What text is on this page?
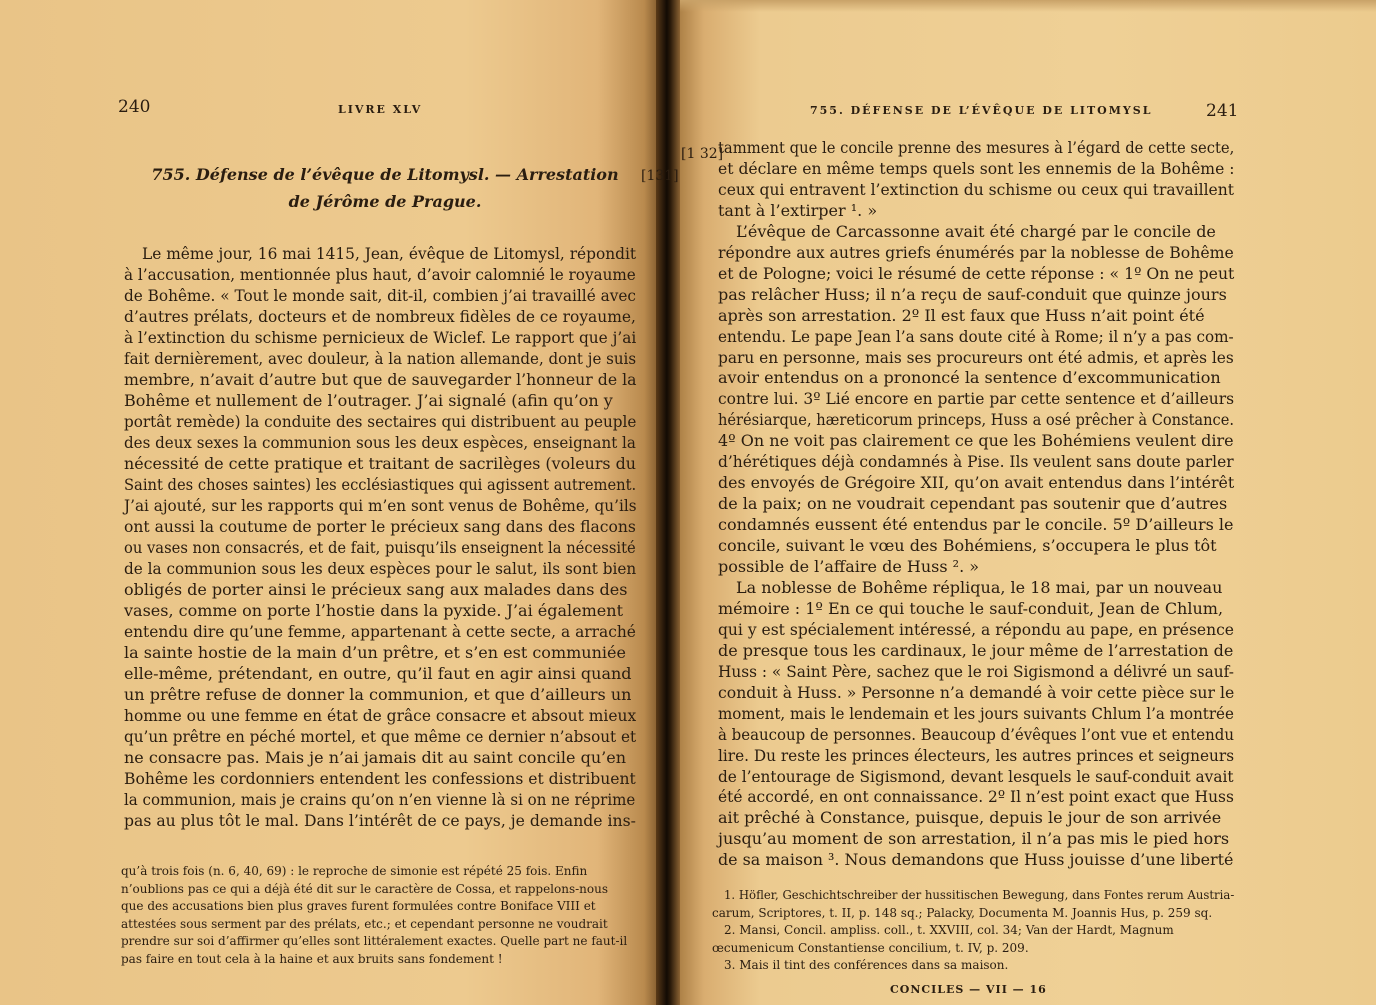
240	LIVRE XLV
755. Défense de l’évêque de Litomysl. — Arrestation
de Jérôme de Prague.
[131]
Le même jour, 16 mai 1415, Jean, évêque de Litomysl, répondit
à l’accusation, mentionnée plus haut, d’avoir calomnié le royaume
de Bohême. « Tout le monde sait, dit-il, combien j’ai travaillé avec
d’autres prélats, docteurs et de nombreux fidèles de ce royaume,
à l’extinction du schisme pernicieux de Wiclef. Le rapport que j’ai
fait dernièrement, avec douleur, à la nation allemande, dont je suis
membre, n’avait d’autre but que de sauvegarder l’honneur de la
Bohême et nullement de l’outrager. J’ai signalé (afin qu’on y
portât remède) la conduite des sectaires qui distribuent au peuple
des deux sexes la communion sous les deux espèces, enseignant la
nécessité de cette pratique et traitant de sacrilèges (voleurs du
Saint des choses saintes) les ecclésiastiques qui agissent autrement.
J’ai ajouté, sur les rapports qui m’en sont venus de Bohême, qu’ils
ont aussi la coutume de porter le précieux sang dans des flacons
ou vases non consacrés, et de fait, puisqu’ils enseignent la nécessité
de la communion sous les deux espèces pour le salut, ils sont bien
obligés de porter ainsi le précieux sang aux malades dans des
vases, comme on porte l’hostie dans la pyxide. J’ai également
entendu dire qu’une femme, appartenant à cette secte, a arraché
la sainte hostie de la main d’un prêtre, et s’en est communiée
elle-même, prétendant, en outre, qu’il faut en agir ainsi quand
un prêtre refuse de donner la communion, et que d’ailleurs un
homme ou une femme en état de grâce consacre et absout mieux
qu’un prêtre en péché mortel, et que même ce dernier n’absout et
ne consacre pas. Mais je n’ai jamais dit au saint concile qu’en
Bohême les cordonniers entendent les confessions et distribuent
la communion, mais je crains qu’on n’en vienne là si on ne réprime
pas au plus tôt le mal. Dans l’intérêt de ce pays, je demande ins-
qu’à trois fois (n. 6, 40, 69) : le reproche de simonie est répété 25 fois. Enfin
n’oublions pas ce qui a déjà été dit sur le caractère de Cossa, et rappelons-nous
que des accusations bien plus graves furent formulées contre Boniface VIII et
attestées sous serment par des prélats, etc.; et cependant personne ne voudrait
prendre sur soi d’affirmer qu’elles sont littéralement exactes. Quelle part ne faut-il
pas faire en tout cela à la haine et aux bruits sans fondement !
755. DÉFENSE DE L’ÉVÊQUE DE LITOMYSL	241
[1 32]
tamment que le concile prenne des mesures à l’égard de cette secte,
et déclare en même temps quels sont les ennemis de la Bohême :
ceux qui entravent l’extinction du schisme ou ceux qui travaillent
tant à l’extirper ¹. »
L’évêque de Carcassonne avait été chargé par le concile de
répondre aux autres griefs énumérés par la noblesse de Bohême
et de Pologne; voici le résumé de cette réponse : « 1º On ne peut
pas relâcher Huss; il n’a reçu de sauf-conduit que quinze jours
après son arrestation. 2º Il est faux que Huss n’ait point été
entendu. Le pape Jean l’a sans doute cité à Rome; il n’y a pas com-
paru en personne, mais ses procureurs ont été admis, et après les
avoir entendus on a prononcé la sentence d’excommunication
contre lui. 3º Lié encore en partie par cette sentence et d’ailleurs
hérésiarque, hæreticorum princeps, Huss a osé prêcher à Constance.
4º On ne voit pas clairement ce que les Bohémiens veulent dire
d’hérétiques déjà condamnés à Pise. Ils veulent sans doute parler
des envoyés de Grégoire XII, qu’on avait entendus dans l’intérêt
de la paix; on ne voudrait cependant pas soutenir que d’autres
condamnés eussent été entendus par le concile. 5º D’ailleurs le
concile, suivant le vœu des Bohémiens, s’occupera le plus tôt
possible de l’affaire de Huss ². »
La noblesse de Bohême répliqua, le 18 mai, par un nouveau
mémoire : 1º En ce qui touche le sauf-conduit, Jean de Chlum,
qui y est spécialement intéressé, a répondu au pape, en présence
de presque tous les cardinaux, le jour même de l’arrestation de
Huss : « Saint Père, sachez que le roi Sigismond a délivré un sauf-
conduit à Huss. » Personne n’a demandé à voir cette pièce sur le
moment, mais le lendemain et les jours suivants Chlum l’a montrée
à beaucoup de personnes. Beaucoup d’évêques l’ont vue et entendu
lire. Du reste les princes électeurs, les autres princes et seigneurs
de l’entourage de Sigismond, devant lesquels le sauf-conduit avait
été accordé, en ont connaissance. 2º Il n’est point exact que Huss
ait prêché à Constance, puisque, depuis le jour de son arrivée
jusqu’au moment de son arrestation, il n’a pas mis le pied hors
de sa maison ³. Nous demandons que Huss jouisse d’une liberté
1. Höfler, Geschichtschreiber der hussitischen Bewegung, dans Fontes rerum Austria-
carum, Scriptores, t. II, p. 148 sq.; Palacky, Documenta M. Joannis Hus, p. 259 sq.
2. Mansi, Concil. ampliss. coll., t. XXVIII, col. 34; Van der Hardt, Magnum
œcumenicum Constantiense concilium, t. IV, p. 209.
3. Mais il tint des conférences dans sa maison.
CONCILES — VII — 16
